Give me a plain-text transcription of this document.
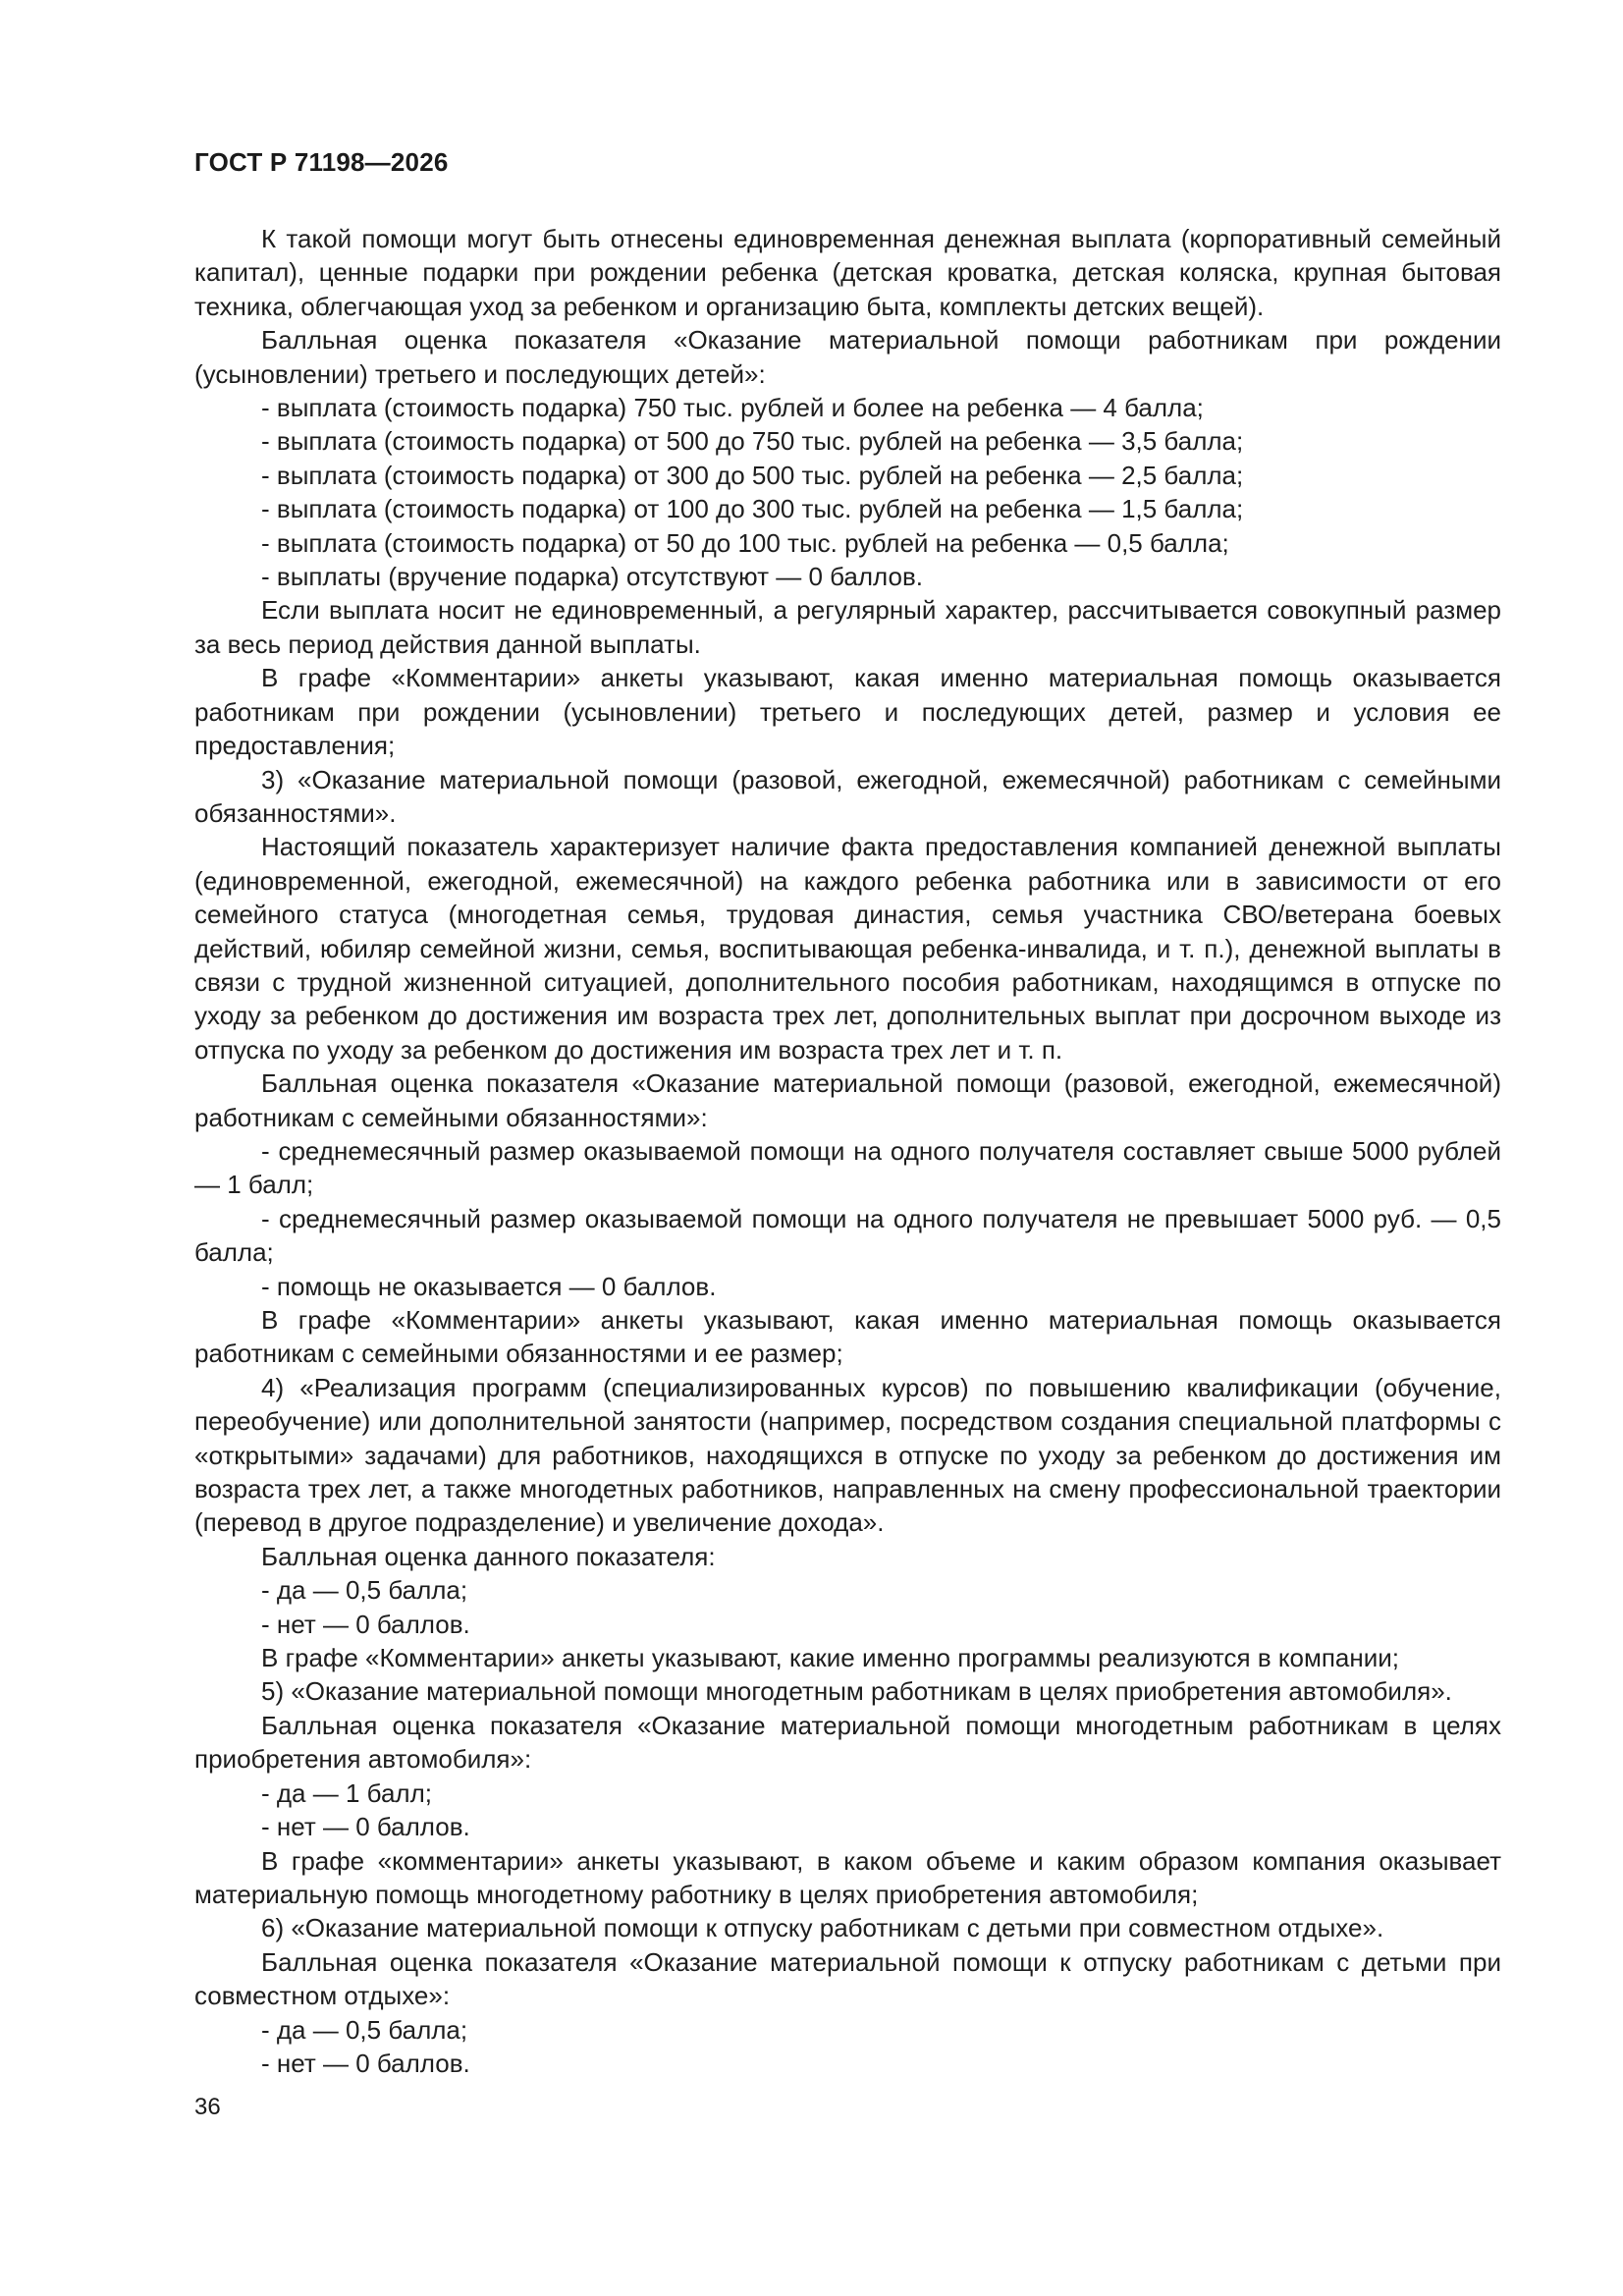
ГОСТ Р 71198—2026

К такой помощи могут быть отнесены единовременная денежная выплата (корпоративный семейный капитал), ценные подарки при рождении ребенка (детская кроватка, детская коляска, крупная бытовая техника, облегчающая уход за ребенком и организацию быта, комплекты детских вещей).

Балльная оценка показателя «Оказание материальной помощи работникам при рождении (усыновлении) третьего и последующих детей»:

- выплата (стоимость подарка) 750 тыс. рублей и более на ребенка — 4 балла;

- выплата (стоимость подарка) от 500 до 750 тыс. рублей на ребенка — 3,5 балла;

- выплата (стоимость подарка) от 300 до 500 тыс. рублей на ребенка — 2,5 балла;

- выплата (стоимость подарка) от 100 до 300 тыс. рублей на ребенка — 1,5 балла;

- выплата (стоимость подарка) от 50 до 100 тыс. рублей на ребенка — 0,5 балла;

- выплаты (вручение подарка) отсутствуют — 0 баллов.

Если выплата носит не единовременный, а регулярный характер, рассчитывается совокупный размер за весь период действия данной выплаты.

В графе «Комментарии» анкеты указывают, какая именно материальная помощь оказывается работникам при рождении (усыновлении) третьего и последующих детей, размер и условия ее предоставления;

3) «Оказание материальной помощи (разовой, ежегодной, ежемесячной) работникам с семейными обязанностями».

Настоящий показатель характеризует наличие факта предоставления компанией денежной выплаты (единовременной, ежегодной, ежемесячной) на каждого ребенка работника или в зависимости от его семейного статуса (многодетная семья, трудовая династия, семья участника СВО/ветерана боевых действий, юбиляр семейной жизни, семья, воспитывающая ребенка-инвалида, и т. п.), денежной выплаты в связи с трудной жизненной ситуацией, дополнительного пособия работникам, находящимся в отпуске по уходу за ребенком до достижения им возраста трех лет, дополнительных выплат при досрочном выходе из отпуска по уходу за ребенком до достижения им возраста трех лет и т. п.

Балльная оценка показателя «Оказание материальной помощи (разовой, ежегодной, ежемесячной) работникам с семейными обязанностями»:

- среднемесячный размер оказываемой помощи на одного получателя составляет свыше 5000 рублей — 1 балл;

- среднемесячный размер оказываемой помощи на одного получателя не превышает 5000 руб. — 0,5 балла;

- помощь не оказывается — 0 баллов.

В графе «Комментарии» анкеты указывают, какая именно материальная помощь оказывается работникам с семейными обязанностями и ее размер;

4) «Реализация программ (специализированных курсов) по повышению квалификации (обучение, переобучение) или дополнительной занятости (например, посредством создания специальной платформы с «открытыми» задачами) для работников, находящихся в отпуске по уходу за ребенком до достижения им возраста трех лет, а также многодетных работников, направленных на смену профессиональной траектории (перевод в другое подразделение) и увеличение дохода».

Балльная оценка данного показателя:

- да — 0,5 балла;

- нет — 0 баллов.

В графе «Комментарии» анкеты указывают, какие именно программы реализуются в компании;

5) «Оказание материальной помощи многодетным работникам в целях приобретения автомобиля».

Балльная оценка показателя «Оказание материальной помощи многодетным работникам в целях приобретения автомобиля»:

- да — 1 балл;

- нет — 0 баллов.

В графе «комментарии» анкеты указывают, в каком объеме и каким образом компания оказывает материальную помощь многодетному работнику в целях приобретения автомобиля;

6) «Оказание материальной помощи к отпуску работникам с детьми при совместном отдыхе».

Балльная оценка показателя «Оказание материальной помощи к отпуску работникам с детьми при совместном отдыхе»:

- да — 0,5 балла;

- нет — 0 баллов.

36
